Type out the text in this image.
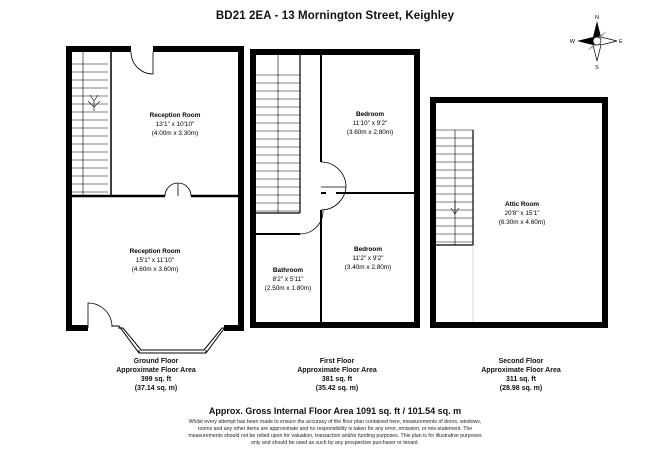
BD21 2EA - 13 Mornington Street, Keighley
Reception Room
13'1" x 10'10"
(4.00m x 3.30m)
Reception Room
15'1" x 11'10"
(4.60m x 3.60m)
Bedroom
11'10" x 9'2"
(3.60m x 2.80m)
Bedroom
11'2" x 9'2"
(3.40m x 2.80m)
Bathroom
8'2" x 5'11"
(2.50m x 1.80m)
Attic Room
20'8" x 15'1"
(6.30m x 4.60m)
N
E
S
W
Ground Floor
Approximate Floor Area
399 sq. ft
(37.14 sq. m)
First Floor
Approximate Floor Area
381 sq. ft
(35.42 sq. m)
Second Floor
Approximate Floor Area
311 sq. ft
(28.98 sq. m)
Approx. Gross Internal Floor Area 1091 sq. ft / 101.54 sq. m
Whilst every attempt has been made to ensure the accuracy of the floor plan contained here, measurements of doors, windows,
rooms and any other items are approximate and no responsibility is taken for any error, omission, or mis-statement. The
measurements should not be relied upon for valuation, transaction and/or funding purposes. This plan is for illustrative purposes
only and should be used as such by any prospective purchaser or tenant.
